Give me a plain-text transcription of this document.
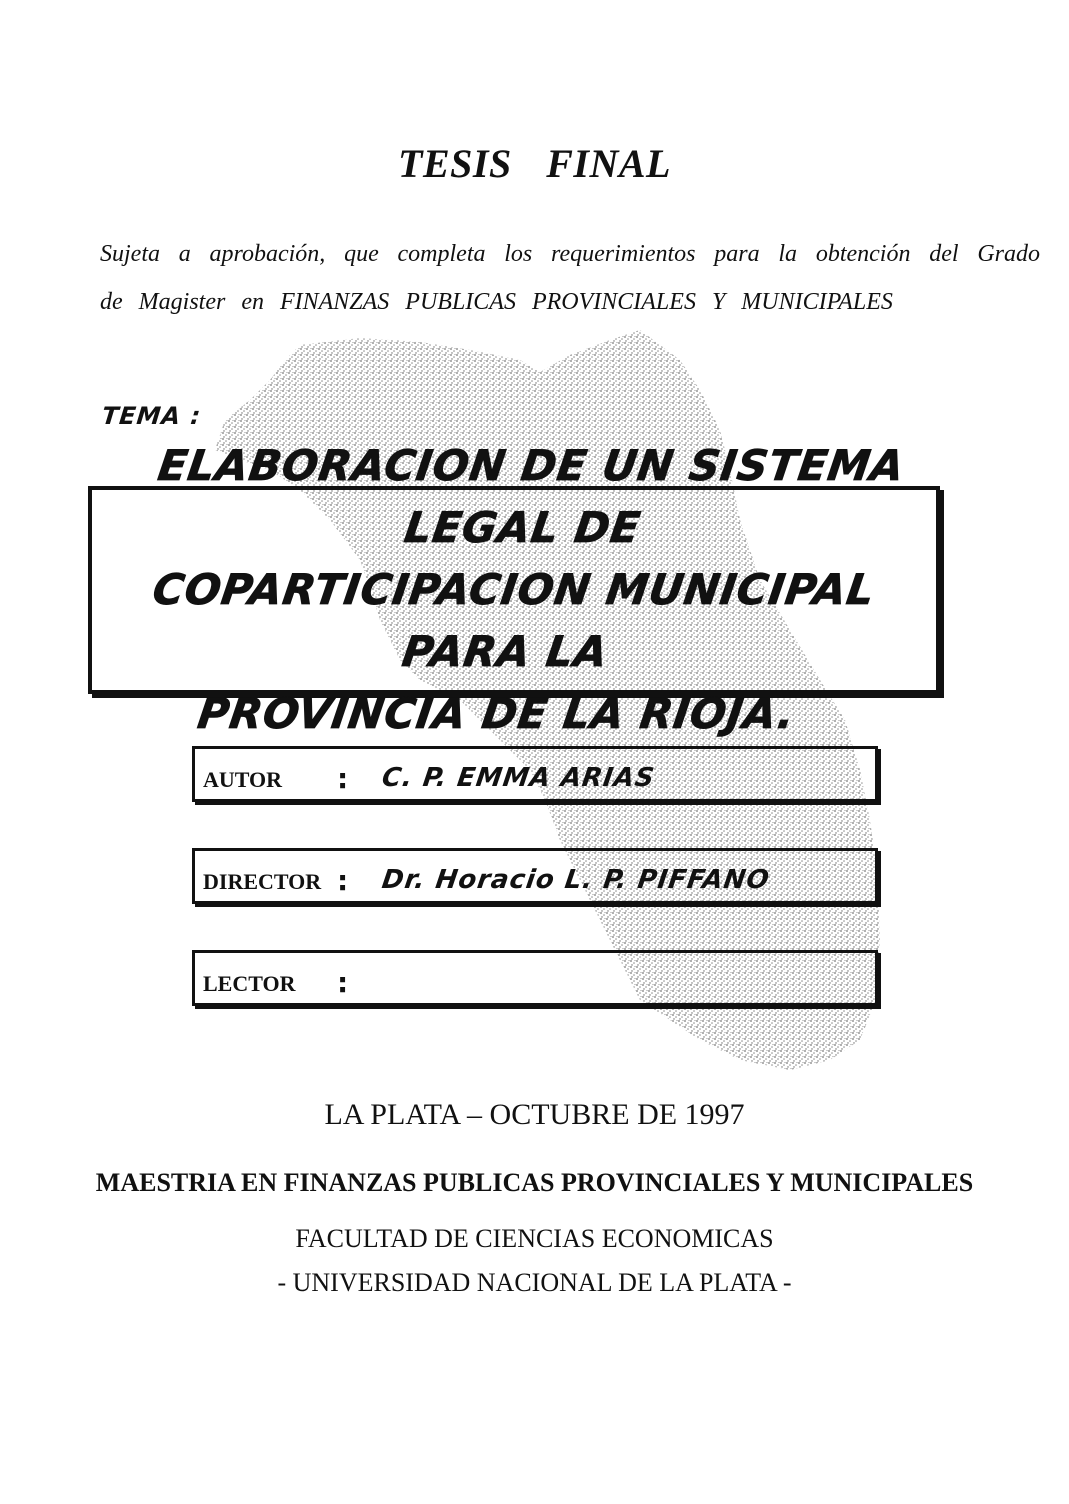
TESIS FINAL
Sujeta a aprobación, que completa los requerimientos para la obtención del Grado
de Magister en FINANZAS PUBLICAS PROVINCIALES Y MUNICIPALES
TEMA :
ELABORACION DE UN SISTEMA LEGAL DE
COPARTICIPACION MUNICIPAL PARA LA
PROVINCIA DE LA RIOJA.
AUTOR : C. P. EMMA ARIAS
DIRECTOR : Dr. Horacio L. P. PIFFANO
LECTOR :
LA PLATA – OCTUBRE DE 1997
MAESTRIA EN FINANZAS PUBLICAS PROVINCIALES Y MUNICIPALES
FACULTAD DE CIENCIAS ECONOMICAS
- UNIVERSIDAD NACIONAL DE LA PLATA -
